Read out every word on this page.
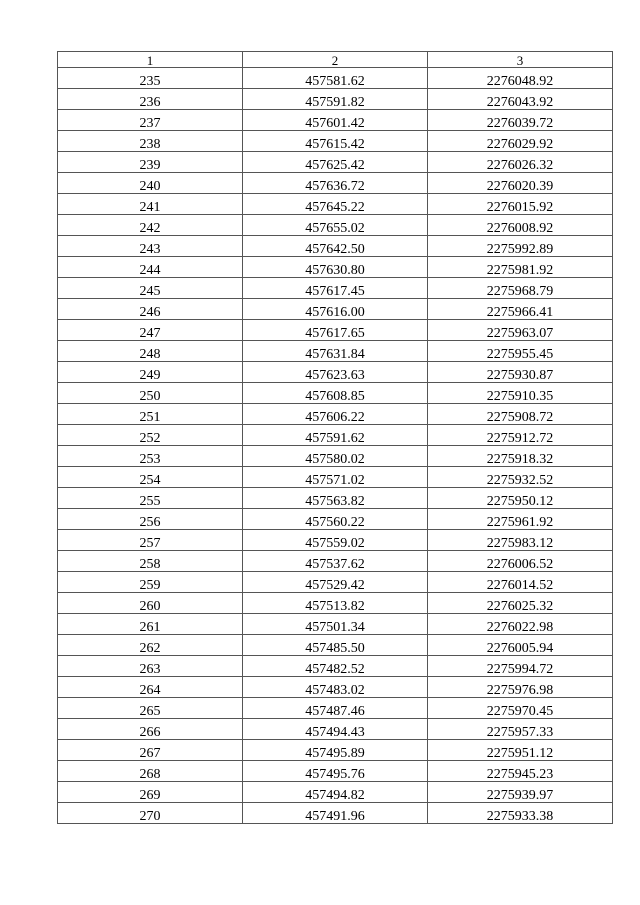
1	2	3
235	457581.62	2276048.92
236	457591.82	2276043.92
237	457601.42	2276039.72
238	457615.42	2276029.92
239	457625.42	2276026.32
240	457636.72	2276020.39
241	457645.22	2276015.92
242	457655.02	2276008.92
243	457642.50	2275992.89
244	457630.80	2275981.92
245	457617.45	2275968.79
246	457616.00	2275966.41
247	457617.65	2275963.07
248	457631.84	2275955.45
249	457623.63	2275930.87
250	457608.85	2275910.35
251	457606.22	2275908.72
252	457591.62	2275912.72
253	457580.02	2275918.32
254	457571.02	2275932.52
255	457563.82	2275950.12
256	457560.22	2275961.92
257	457559.02	2275983.12
258	457537.62	2276006.52
259	457529.42	2276014.52
260	457513.82	2276025.32
261	457501.34	2276022.98
262	457485.50	2276005.94
263	457482.52	2275994.72
264	457483.02	2275976.98
265	457487.46	2275970.45
266	457494.43	2275957.33
267	457495.89	2275951.12
268	457495.76	2275945.23
269	457494.82	2275939.97
270	457491.96	2275933.38
